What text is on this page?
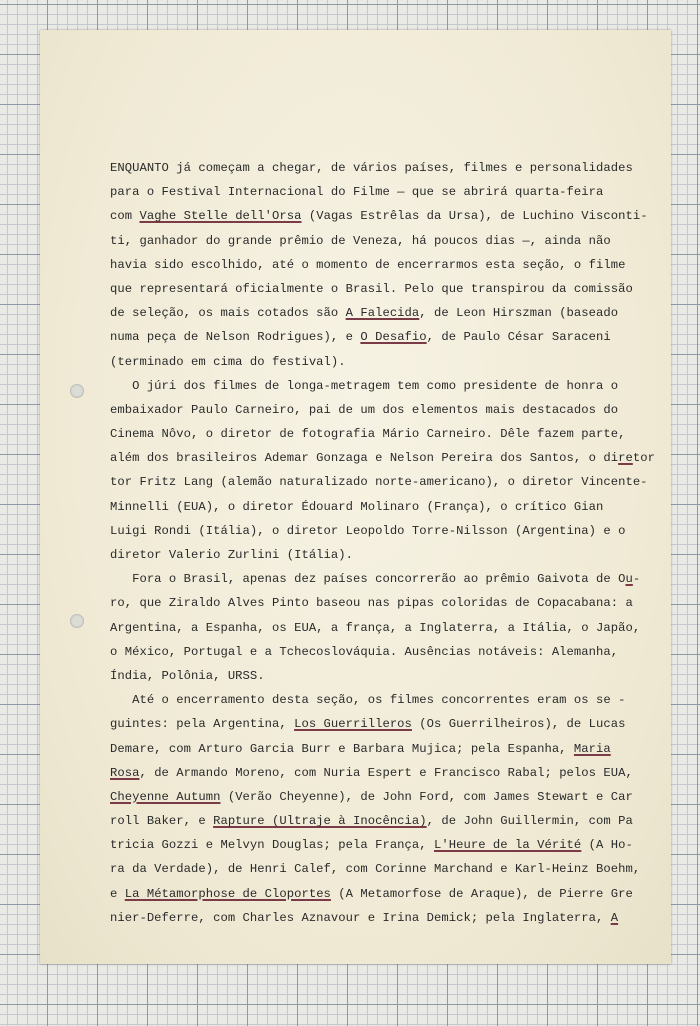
ENQUANTO já começam a chegar, de vários países, filmes e personalidades
para o Festival Internacional do Filme — que se abrirá quarta-feira
com Vaghe Stelle dell'Orsa (Vagas Estrêlas da Ursa), de Luchino Visconti-
ti, ganhador do grande prêmio de Veneza, há poucos dias —, ainda não
havia sido escolhido, até o momento de encerrarmos esta seção, o filme
que representará oficialmente o Brasil. Pelo que transpirou da comissão
de seleção, os mais cotados são A Falecida, de Leon Hirszman (baseado
numa peça de Nelson Rodrigues), e O Desafio, de Paulo César Saraceni
(terminado em cima do festival).
O júri dos filmes de longa-metragem tem como presidente de honra o
embaixador Paulo Carneiro, pai de um dos elementos mais destacados do
Cinema Nôvo, o diretor de fotografia Mário Carneiro. Dêle fazem parte,
além dos brasileiros Ademar Gonzaga e Nelson Pereira dos Santos, o diretor
tor Fritz Lang (alemão naturalizado norte-americano), o diretor Vincente-
Minnelli (EUA), o diretor Édouard Molinaro (França), o crítico Gian
Luigi Rondi (Itália), o diretor Leopoldo Torre-Nilsson (Argentina) e o
diretor Valerio Zurlini (Itália).
Fora o Brasil, apenas dez países concorrerão ao prêmio Gaivota de Ou-
ro, que Ziraldo Alves Pinto baseou nas pipas coloridas de Copacabana: a
Argentina, a Espanha, os EUA, a frança, a Inglaterra, a Itália, o Japão,
o México, Portugal e a Tchecoslováquia. Ausências notáveis: Alemanha,
Índia, Polônia, URSS.
Até o encerramento desta seção, os filmes concorrentes eram os se -
guintes: pela Argentina, Los Guerrilleros (Os Guerrilheiros), de Lucas
Demare, com Arturo Garcia Burr e Barbara Mujica; pela Espanha, Maria
Rosa, de Armando Moreno, com Nuria Espert e Francisco Rabal; pelos EUA,
Cheyenne Autumn (Verão Cheyenne), de John Ford, com James Stewart e Car
roll Baker, e Rapture (Ultraje à Inocência), de John Guillermin, com Pa
tricia Gozzi e Melvyn Douglas; pela França, L'Heure de la Vérité (A Ho-
ra da Verdade), de Henri Calef, com Corinne Marchand e Karl-Heinz Boehm,
e La Métamorphose de Cloportes (A Metamorfose de Araque), de Pierre Gre
nier-Deferre, com Charles Aznavour e Irina Demick; pela Inglaterra, A
